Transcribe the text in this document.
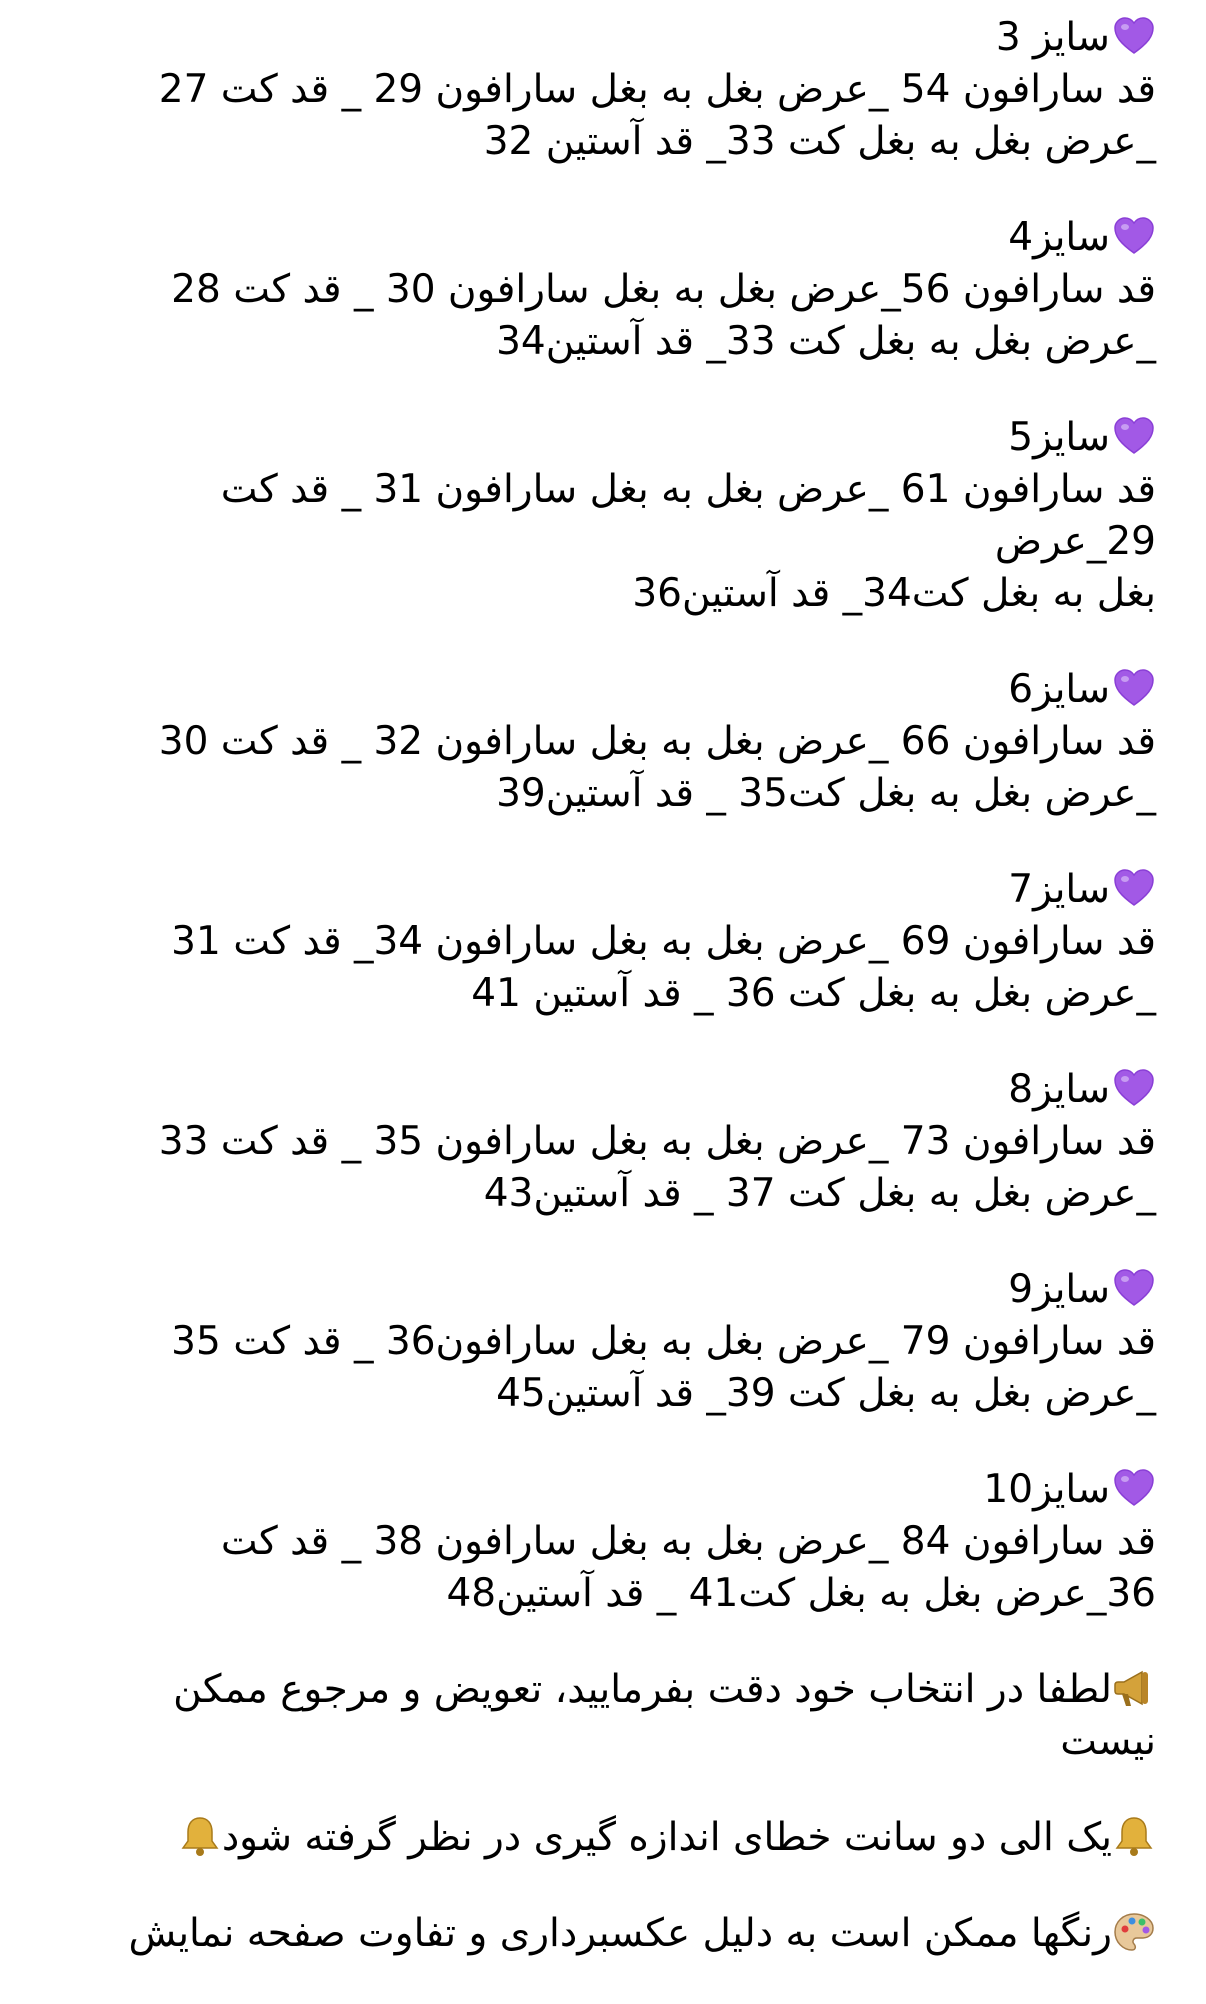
سایز 3
قد سارافون 54 _عرض بغل به بغل سارافون 29 _ قد کت 27
_عرض بغل به بغل کت 33_ قد آستین 32
سایز4
قد سارافون 56_عرض بغل به بغل سارافون 30 _ قد کت 28
_عرض بغل به بغل کت 33_ قد آستین34
سایز5
قد سارافون 61 _عرض بغل به بغل سارافون 31 _ قد کت 29_عرض
بغل به بغل کت34_ قد آستین36
سایز6
قد سارافون 66 _عرض بغل به بغل سارافون 32 _ قد کت 30
_عرض بغل به بغل کت35 _ قد آستین39
سایز7
قد سارافون 69 _عرض بغل به بغل سارافون 34_ قد کت 31
_عرض بغل به بغل کت 36 _ قد آستین 41
سایز8
قد سارافون 73 _عرض بغل به بغل سارافون 35 _ قد کت 33
_عرض بغل به بغل کت 37 _ قد آستین43
سایز9
قد سارافون 79 _عرض بغل به بغل سارافون36 _ قد کت 35
_عرض بغل به بغل کت 39_ قد آستین45
سایز10
قد سارافون 84 _عرض بغل به بغل سارافون 38 _ قد کت
36_عرض بغل به بغل کت41 _ قد آستین48
لطفا در انتخاب خود دقت بفرمایید، تعویض و مرجوع ممکن
نیست
یک الی دو سانت خطای اندازه گیری در نظر گرفته شود
رنگها ممکن است به دلیل عکسبرداری و تفاوت صفحه نمایش
